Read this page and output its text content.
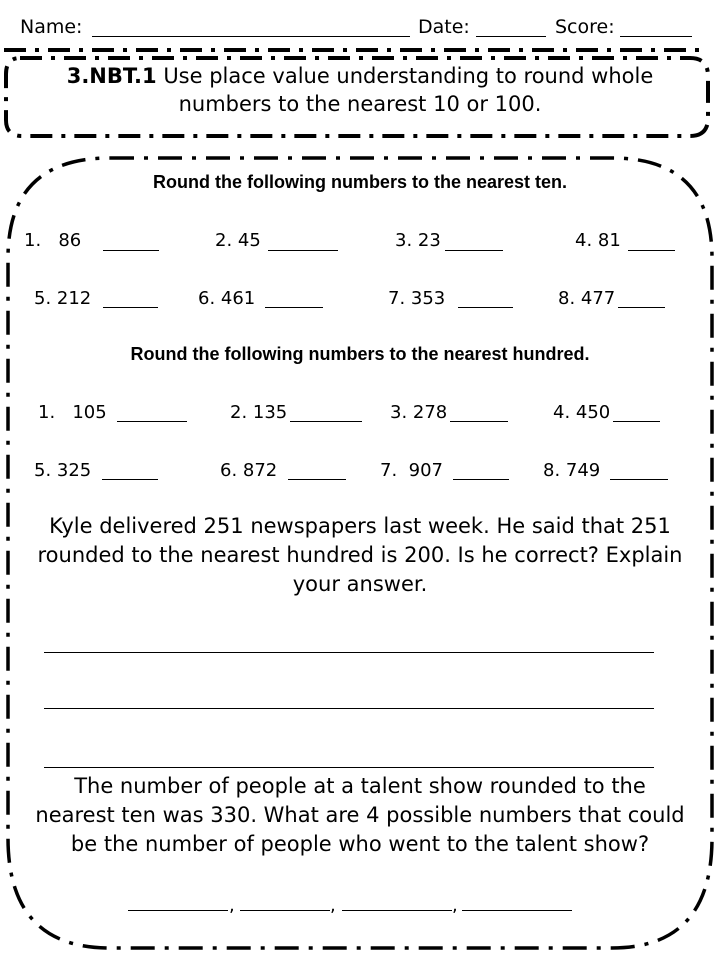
Name:	Date:	Score:
3.NBT.1 Use place value understanding to round whole
numbers to the nearest 10 or 100.
Round the following numbers to the nearest ten.
1.   86	2. 45	3. 23	4. 81
5. 212	6. 461	7. 353	8. 477
Round the following numbers to the nearest hundred.
1.   105	2. 135	3. 278	4. 450
5. 325	6. 872	7.  907	8. 749
Kyle delivered 251 newspapers last week. He said that 251
rounded to the nearest hundred is 200. Is he correct? Explain
your answer.
The number of people at a talent show rounded to the
nearest ten was 330. What are 4 possible numbers that could
be the number of people who went to the talent show?
,	,	,
